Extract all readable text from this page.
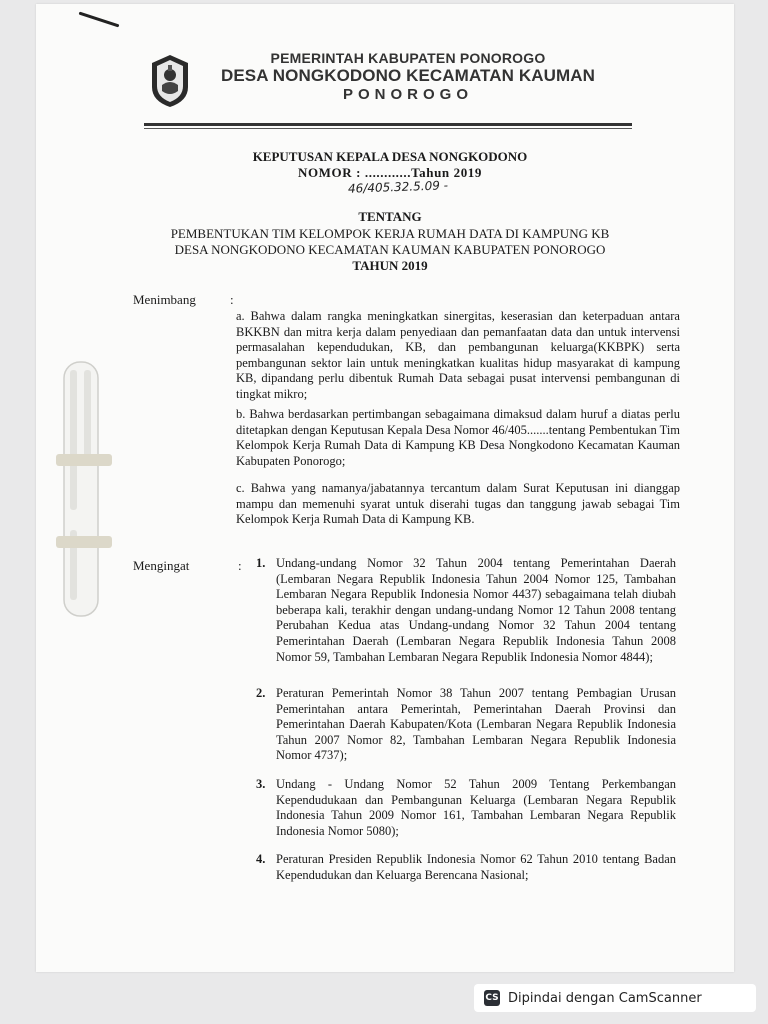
PEMERINTAH KABUPATEN PONOROGO
DESA NONGKODONO KECAMATAN KAUMAN
PONOROGO
KEPUTUSAN KEPALA DESA NONGKODONO
NOMOR : ............Tahun 2019
46/405.32.5.09 -
TENTANG
PEMBENTUKAN TIM KELOMPOK KERJA RUMAH DATA DI KAMPUNG KB
DESA NONGKODONO KECAMATAN KAUMAN KABUPATEN PONOROGO
TAHUN 2019
Menimbang	:
a. Bahwa dalam rangka meningkatkan sinergitas, keserasian dan keterpaduan antara BKKBN dan mitra kerja dalam penyediaan dan pemanfaatan data dan untuk intervensi permasalahan kependudukan, KB, dan pembangunan keluarga(KKBPK) serta pembangunan sektor lain untuk meningkatkan kualitas hidup masyarakat di kampung KB, dipandang perlu dibentuk Rumah Data sebagai pusat intervensi pembangunan di tingkat mikro;
b. Bahwa berdasarkan pertimbangan sebagaimana dimaksud dalam huruf a diatas perlu ditetapkan dengan Keputusan Kepala Desa Nomor 46/405.......tentang Pembentukan Tim Kelompok Kerja Rumah Data di Kampung KB Desa Nongkodono Kecamatan Kauman Kabupaten Ponorogo;
c. Bahwa yang namanya/jabatannya tercantum dalam Surat Keputusan ini dianggap mampu dan memenuhi syarat untuk diserahi tugas dan tanggung jawab sebagai Tim Kelompok Kerja Rumah Data di Kampung KB.
Mengingat	: 1. Undang-undang Nomor 32 Tahun 2004 tentang Pemerintahan Daerah (Lembaran Negara Republik Indonesia Tahun 2004 Nomor 125, Tambahan Lembaran Negara Republik Indonesia Nomor 4437) sebagaimana telah diubah beberapa kali, terakhir dengan undang-undang Nomor 12 Tahun 2008 tentang Perubahan Kedua atas Undang-undang Nomor 32 Tahun 2004 tentang Pemerintahan Daerah (Lembaran Negara Republik Indonesia Tahun 2008 Nomor 59, Tambahan Lembaran Negara Republik Indonesia Nomor 4844);
2. Peraturan Pemerintah Nomor 38 Tahun 2007 tentang Pembagian Urusan Pemerintahan antara Pemerintah, Pemerintahan Daerah Provinsi dan Pemerintahan Daerah Kabupaten/Kota (Lembaran Negara Republik Indonesia Tahun 2007 Nomor 82, Tambahan Lembaran Negara Republik Indonesia Nomor 4737);
3. Undang - Undang Nomor 52 Tahun 2009 Tentang Perkembangan Kependudukaan dan Pembangunan Keluarga (Lembaran Negara Republik Indonesia Tahun 2009 Nomor 161, Tambahan Lembaran Negara Republik Indonesia Nomor 5080);
4. Peraturan Presiden Republik Indonesia Nomor 62 Tahun 2010 tentang Badan Kependudukan dan Keluarga Berencana Nasional;
CS Dipindai dengan CamScanner
